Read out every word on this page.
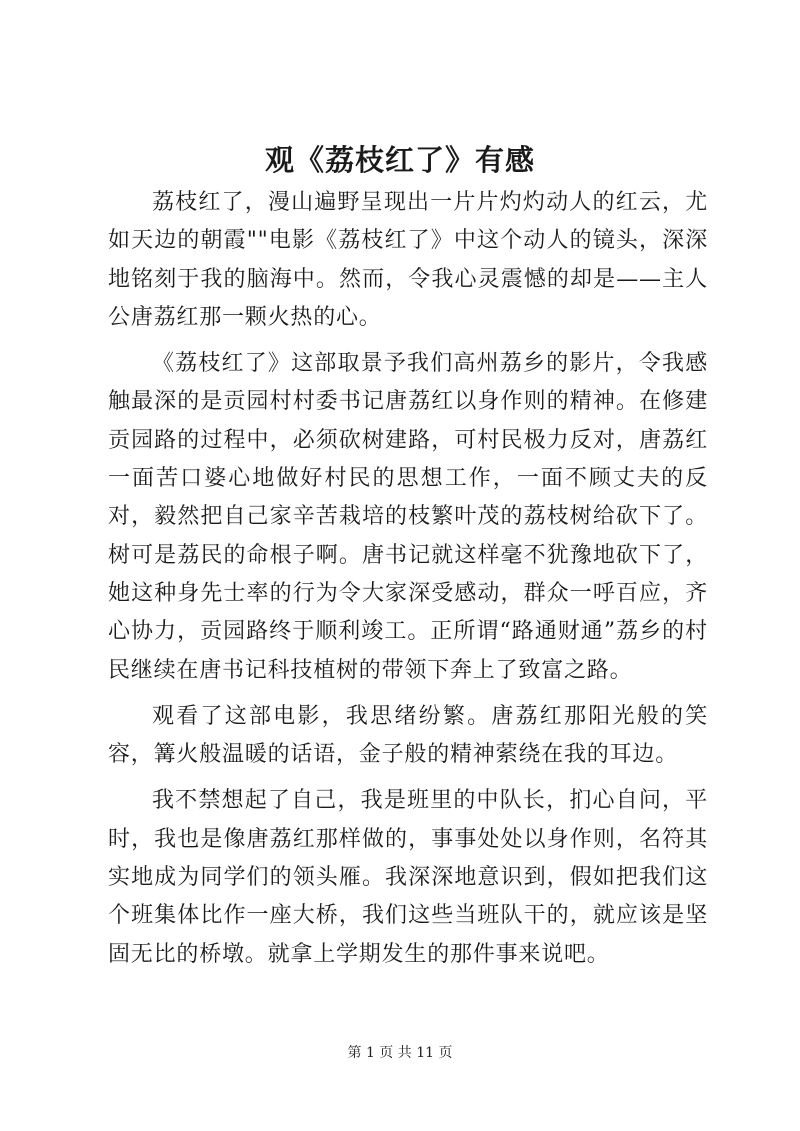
观《荔枝红了》有感

荔枝红了，漫山遍野呈现出一片片灼灼动人的红云，尤如天边的朝霞""电影《荔枝红了》中这个动人的镜头，深深地铭刻于我的脑海中。然而，令我心灵震憾的却是——主人公唐荔红那一颗火热的心。

《荔枝红了》这部取景予我们高州荔乡的影片，令我感触最深的是贡园村村委书记唐荔红以身作则的精神。在修建贡园路的过程中，必须砍树建路，可村民极力反对，唐荔红一面苦口婆心地做好村民的思想工作，一面不顾丈夫的反对，毅然把自己家辛苦栽培的枝繁叶茂的荔枝树给砍下了。树可是荔民的命根子啊。唐书记就这样毫不犹豫地砍下了，她这种身先士率的行为令大家深受感动，群众一呼百应，齐心协力，贡园路终于顺利竣工。正所谓“路通财通”荔乡的村民继续在唐书记科技植树的带领下奔上了致富之路。

观看了这部电影，我思绪纷繁。唐荔红那阳光般的笑容，篝火般温暖的话语，金子般的精神萦绕在我的耳边。

我不禁想起了自己，我是班里的中队长，扪心自问，平时，我也是像唐荔红那样做的，事事处处以身作则，名符其实地成为同学们的领头雁。我深深地意识到，假如把我们这个班集体比作一座大桥，我们这些当班队干的，就应该是坚固无比的桥墩。就拿上学期发生的那件事来说吧。

第 1 页 共 11 页
